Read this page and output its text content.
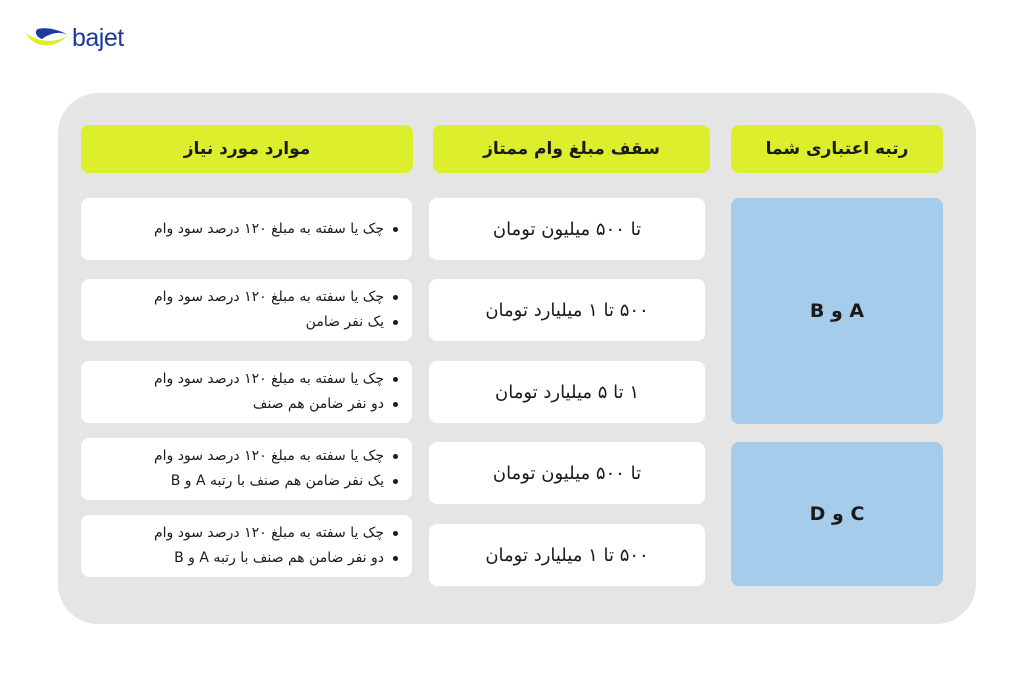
bajet
رتبه اعتباری شما
سقف مبلغ وام ممتاز
موارد مورد نیاز
A و B
C و D
تا ۵۰۰ میلیون تومان
۵۰۰ تا ۱ میلیارد تومان
۱ تا ۵ میلیارد تومان
تا ۵۰۰ میلیون تومان
۵۰۰ تا ۱ میلیارد تومان
چک یا سفته به مبلغ ۱۲۰ درصد سود وام
چک یا سفته به مبلغ ۱۲۰ درصد سود وام
یک نفر ضامن
چک یا سفته به مبلغ ۱۲۰ درصد سود وام
دو نفر ضامن هم صنف
چک یا سفته به مبلغ ۱۲۰ درصد سود وام
یک نفر ضامن هم صنف با رتبه A و B
چک یا سفته به مبلغ ۱۲۰ درصد سود وام
دو نفر ضامن هم صنف با رتبه A و B
